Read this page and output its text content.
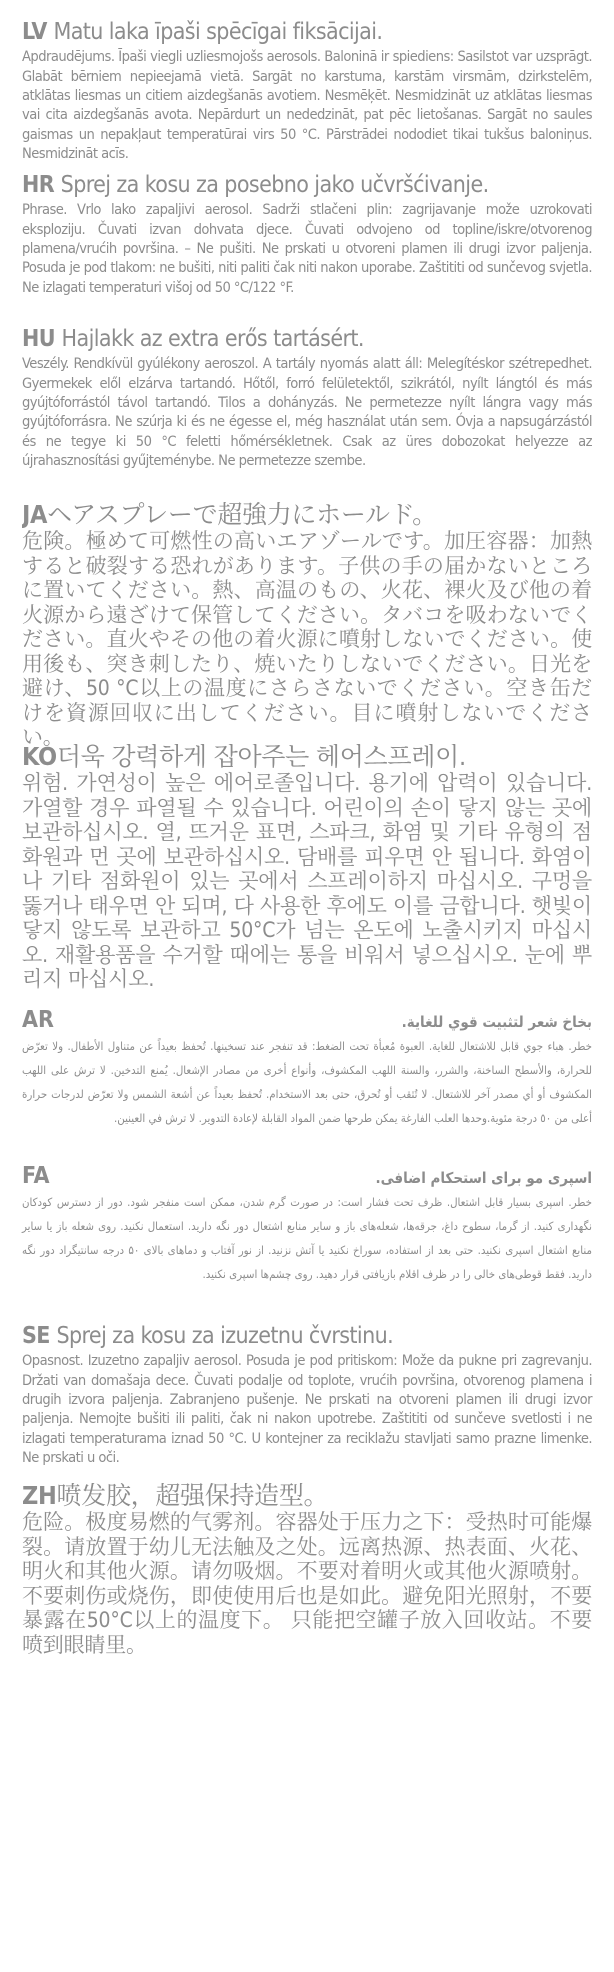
LV Matu laka īpaši spēcīgai fiksācijai.

Apdraudējums. Īpaši viegli uzliesmojošs aerosols. Baloninā ir spiediens: Sasilstot var uzsprāgt. Glabāt bērniem nepieejamā vietā. Sargāt no karstuma, karstām virsmām, dzirkstelēm, atklātas liesmas un citiem aizdegšanās avotiem. Nesmēķēt. Nesmidzināt uz atklātas liesmas vai cita aizdegšanās avota. Nepārdurt un nededzināt, pat pēc lietošanas. Sargāt no saules gaismas un nepakļaut temperatūrai virs 50 °C. Pārstrādei nododiet tikai tukšus baloniņus. Nesmidzināt acīs.

HR Sprej za kosu za posebno jako učvršćivanje.

Phrase. Vrlo lako zapaljivi aerosol. Sadrži stlačeni plin: zagrijavanje može uzrokovati eksploziju. Čuvati izvan dohvata djece. Čuvati odvojeno od topline/iskre/otvorenog plamena/vrućih površina. – Ne pušiti. Ne prskati u otvoreni plamen ili drugi izvor paljenja. Posuda je pod tlakom: ne bušiti, niti paliti čak niti nakon uporabe. Zaštititi od sunčevog svjetla. Ne izlagati temperaturi višoj od 50 °C/122 °F.

HU Hajlakk az extra erős tartásért.

Veszély. Rendkívül gyúlékony aeroszol. A tartály nyomás alatt áll: Melegítéskor szétrepedhet. Gyermekek elől elzárva tartandó. Hőtől, forró felületektől, szikrától, nyílt lángtól és más gyújtóforrástól távol tartandó. Tilos a dohányzás. Ne permetezze nyílt lángra vagy más gyújtóforrásra. Ne szúrja ki és ne égesse el, még használat után sem. Óvja a napsugárzástól és ne tegye ki 50 °C feletti hőmérsékletnek. Csak az üres dobozokat helyezze az újrahasznosítási gyűjteménybe. Ne permetezze szembe.

JAヘアスプレーで超強力にホールド。

危険。極めて可燃性の高いエアゾールです。加圧容器：加熱すると破裂する恐れがあります。子供の手の届かないところに置いてください。熱、高温のもの、火花、裸火及び他の着火源から遠ざけて保管してください。タバコを吸わないでください。直火やその他の着火源に噴射しないでください。使用後も、突き刺したり、焼いたりしないでください。日光を避け、50 °C以上の温度にさらさないでください。空き缶だけを資源回収に出してください。目に噴射しないでください。

KO더욱 강력하게 잡아주는 헤어스프레이.

위험. 가연성이 높은 에어로졸입니다. 용기에 압력이 있습니다. 가열할 경우 파열될 수 있습니다. 어린이의 손이 닿지 않는 곳에 보관하십시오. 열, 뜨거운 표면, 스파크, 화염 및 기타 유형의 점화원과 먼 곳에 보관하십시오. 담배를 피우면 안 됩니다. 화염이나 기타 점화원이 있는 곳에서 스프레이하지 마십시오. 구멍을 뚫거나 태우면 안 되며, 다 사용한 후에도 이를 금합니다. 햇빛이 닿지 않도록 보관하고 50°C가 넘는 온도에 노출시키지 마십시오. 재활용품을 수거할 때에는 통을 비워서 넣으십시오. 눈에 뿌리지 마십시오.

AR	بخاخ شعر لتثبيت قوي للغاية.

خطر. هباء جوي قابل للاشتعال للغاية. العبوة مُعبأة تحت الضغط: قد تنفجر عند تسخينها. تُحفظ بعيداً عن متناول الأطفال. ولا تعرّض للحرارة، والأسطح الساخنة، والشرر، والسنة اللهب المكشوف، وأنواع أخرى من مصادر الإشعال. يُمنع التدخين. لا ترش على اللهب المكشوف أو أي مصدر آخر للاشتعال. لا تُثقب أو تُحرق، حتى بعد الاستخدام. تُحفظ بعيداً عن أشعة الشمس ولا تعرّض لدرجات حرارة أعلى من ٥٠ درجة مئوية.وحدها العلب الفارغة يمكن طرحها ضمن المواد القابلة لإعادة التدوير. لا ترش في العينين.

FA	اسپری مو برای استحکام اضافی.

خطر. اسپری بسیار قابل اشتعال. ظرف تحت فشار است: در صورت گرم شدن، ممکن است منفجر شود. دور از دسترس کودکان نگهداری کنید. از گرما، سطوح داغ، جرقه‌ها، شعله‌های باز و سایر منابع اشتعال دور نگه دارید. استعمال نکنید. روی شعله باز یا سایر منابع اشتعال اسپری نکنید. حتی بعد از استفاده، سوراخ نکنید یا آتش نزنید. از نور آفتاب و دماهای بالای ۵۰ درجه سانتیگراد دور نگه دارید. فقط قوطی‌های خالی را در ظرف اقلام بازیافتی قرار دهید. روی چشم‌ها اسپری نکنید.

SE Sprej za kosu za izuzetnu čvrstinu.

Opasnost. Izuzetno zapaljiv aerosol. Posuda je pod pritiskom: Može da pukne pri zagrevanju. Držati van domašaja dece. Čuvati podalje od toplote, vrućih površina, otvorenog plamena i drugih izvora paljenja. Zabranjeno pušenje. Ne prskati na otvoreni plamen ili drugi izvor paljenja. Nemojte bušiti ili paliti, čak ni nakon upotrebe. Zaštititi od sunčeve svetlosti i ne izlagati temperaturama iznad 50 °C. U kontejner za reciklažu stavljati samo prazne limenke. Ne prskati u oči.

ZH喷发胶，超强保持造型。

危险。极度易燃的气雾剂。容器处于压力之下：受热时可能爆裂。请放置于幼儿无法触及之处。远离热源、热表面、火花、明火和其他火源。请勿吸烟。不要对着明火或其他火源喷射。不要刺伤或烧伤，即使使用后也是如此。避免阳光照射，不要暴露在50°C以上的温度下。 只能把空罐子放入回收站。不要喷到眼睛里。
